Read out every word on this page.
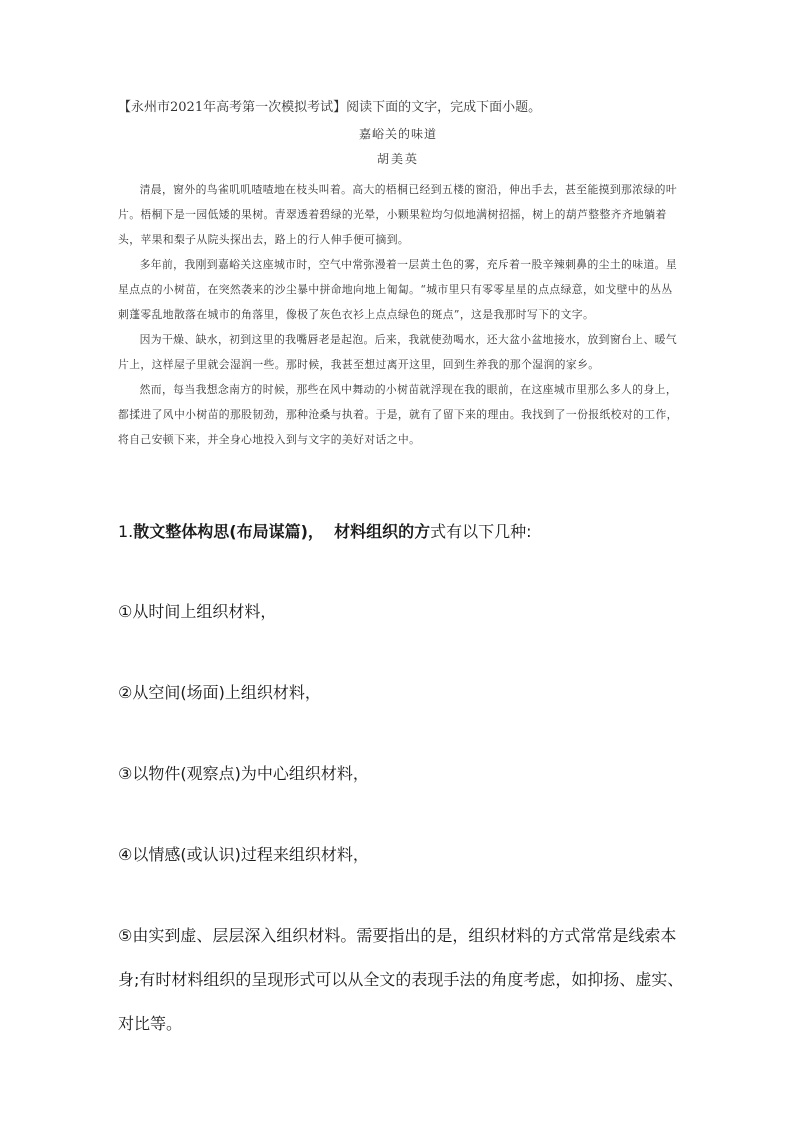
【永州市2021年高考第一次模拟考试】阅读下面的文字，完成下面小题。

嘉峪关的味道

胡美英

清晨，窗外的鸟雀叽叽喳喳地在枝头叫着。高大的梧桐已经到五楼的窗沿，伸出手去，甚至能摸到那浓绿的叶片。梧桐下是一园低矮的果树。青翠透着碧绿的光晕，小颗果粒均匀似地满树招摇，树上的葫芦整整齐齐地躺着头，苹果和梨子从院头探出去，路上的行人伸手便可摘到。

多年前，我刚到嘉峪关这座城市时，空气中常弥漫着一层黄土色的雾，充斥着一股辛辣刺鼻的尘土的味道。星星点点的小树苗，在突然袭来的沙尘暴中拼命地向地上匍匐。“城市里只有零零星星的点点绿意，如戈壁中的丛丛刺蓬零乱地散落在城市的角落里，像极了灰色衣衫上点点绿色的斑点”，这是我那时写下的文字。

因为干燥、缺水，初到这里的我嘴唇老是起泡。后来，我就使劲喝水，还大盆小盆地接水，放到窗台上、暖气片上，这样屋子里就会湿润一些。那时候，我甚至想过离开这里，回到生养我的那个湿润的家乡。

然而，每当我想念南方的时候，那些在风中舞动的小树苗就浮现在我的眼前，在这座城市里那么多人的身上，都揉进了风中小树苗的那股韧劲，那种沧桑与执着。于是，就有了留下来的理由。我找到了一份报纸校对的工作，将自己安顿下来，并全身心地投入到与文字的美好对话之中。

1.散文整体构思(布局谋篇)， 材料组织的方式有以下几种:

①从时间上组织材料，

②从空间(场面)上组织材料，

③以物件(观察点)为中心组织材料，

④以情感(或认识)过程来组织材料，

⑤由实到虚、层层深入组织材料。需要指出的是，组织材料的方式常常是线索本身;有时材料组织的呈现形式可以从全文的表现手法的角度考虑，如抑扬、虚实、对比等。
